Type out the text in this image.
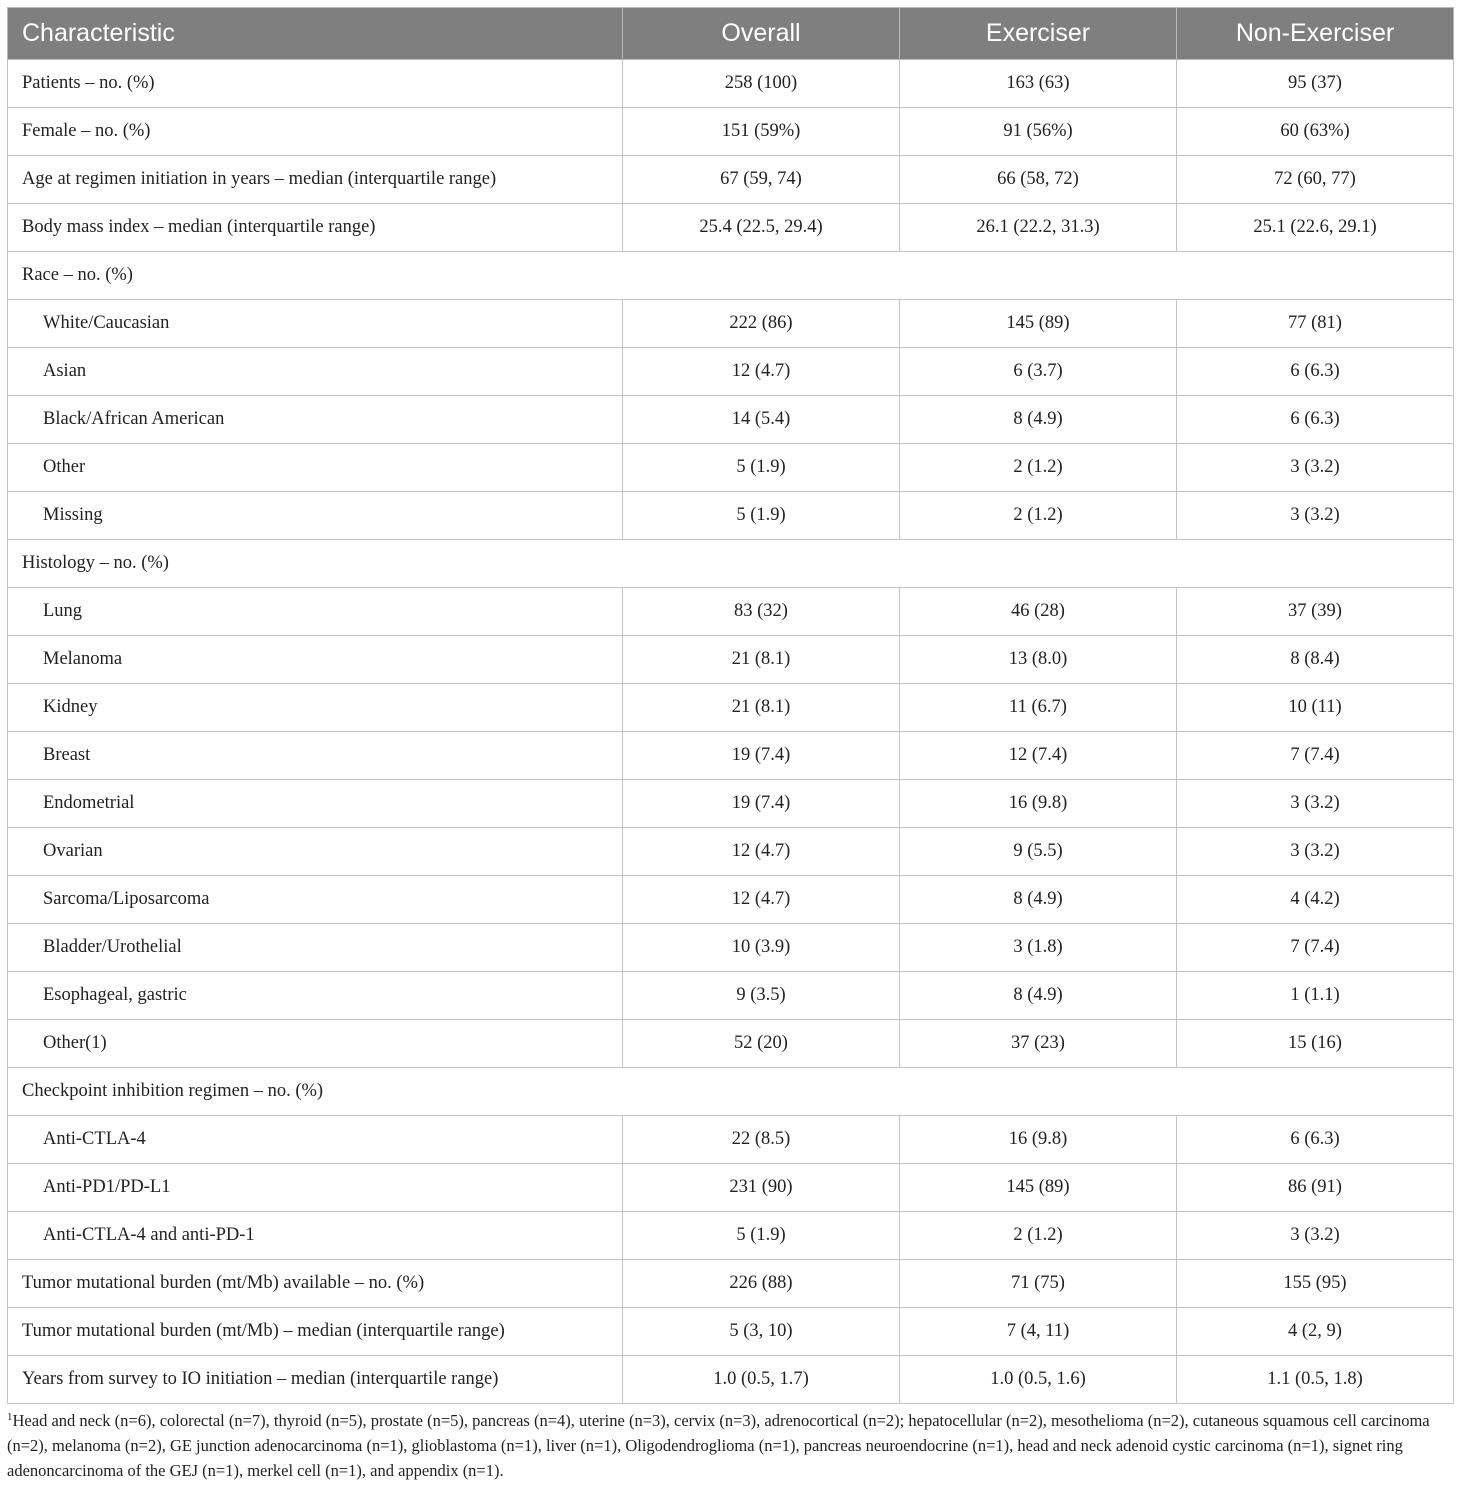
Characteristic	Overall	Exerciser	Non-Exerciser
Patients – no. (%)	258 (100)	163 (63)	95 (37)
Female – no. (%)	151 (59%)	91 (56%)	60 (63%)
Age at regimen initiation in years – median (interquartile range)	67 (59, 74)	66 (58, 72)	72 (60, 77)
Body mass index – median (interquartile range)	25.4 (22.5, 29.4)	26.1 (22.2, 31.3)	25.1 (22.6, 29.1)
Race – no. (%)			
White/Caucasian	222 (86)	145 (89)	77 (81)
Asian	12 (4.7)	6 (3.7)	6 (6.3)
Black/African American	14 (5.4)	8 (4.9)	6 (6.3)
Other	5 (1.9)	2 (1.2)	3 (3.2)
Missing	5 (1.9)	2 (1.2)	3 (3.2)
Histology – no. (%)			
Lung	83 (32)	46 (28)	37 (39)
Melanoma	21 (8.1)	13 (8.0)	8 (8.4)
Kidney	21 (8.1)	11 (6.7)	10 (11)
Breast	19 (7.4)	12 (7.4)	7 (7.4)
Endometrial	19 (7.4)	16 (9.8)	3 (3.2)
Ovarian	12 (4.7)	9 (5.5)	3 (3.2)
Sarcoma/Liposarcoma	12 (4.7)	8 (4.9)	4 (4.2)
Bladder/Urothelial	10 (3.9)	3 (1.8)	7 (7.4)
Esophageal, gastric	9 (3.5)	8 (4.9)	1 (1.1)
Other(1)	52 (20)	37 (23)	15 (16)
Checkpoint inhibition regimen – no. (%)			
Anti-CTLA-4	22 (8.5)	16 (9.8)	6 (6.3)
Anti-PD1/PD-L1	231 (90)	145 (89)	86 (91)
Anti-CTLA-4 and anti-PD-1	5 (1.9)	2 (1.2)	3 (3.2)
Tumor mutational burden (mt/Mb) available – no. (%)	226 (88)	71 (75)	155 (95)
Tumor mutational burden (mt/Mb) – median (interquartile range)	5 (3, 10)	7 (4, 11)	4 (2, 9)
Years from survey to IO initiation – median (interquartile range)	1.0 (0.5, 1.7)	1.0 (0.5, 1.6)	1.1 (0.5, 1.8)
$^1$Head and neck (n=6), colorectal (n=7), thyroid (n=5), prostate (n=5), pancreas (n=4), uterine (n=3), cervix (n=3), adrenocortical (n=2); hepatocellular (n=2), mesothelioma (n=2), cutaneous squamous cell carcinoma (n=2), melanoma (n=2), GE junction adenocarcinoma (n=1), glioblastoma (n=1), liver (n=1), Oligodendroglioma (n=1), pancreas neuroendocrine (n=1), head and neck adenoid cystic carcinoma (n=1), signet ring adenoncarcinoma of the GEJ (n=1), merkel cell (n=1), and appendix (n=1).
